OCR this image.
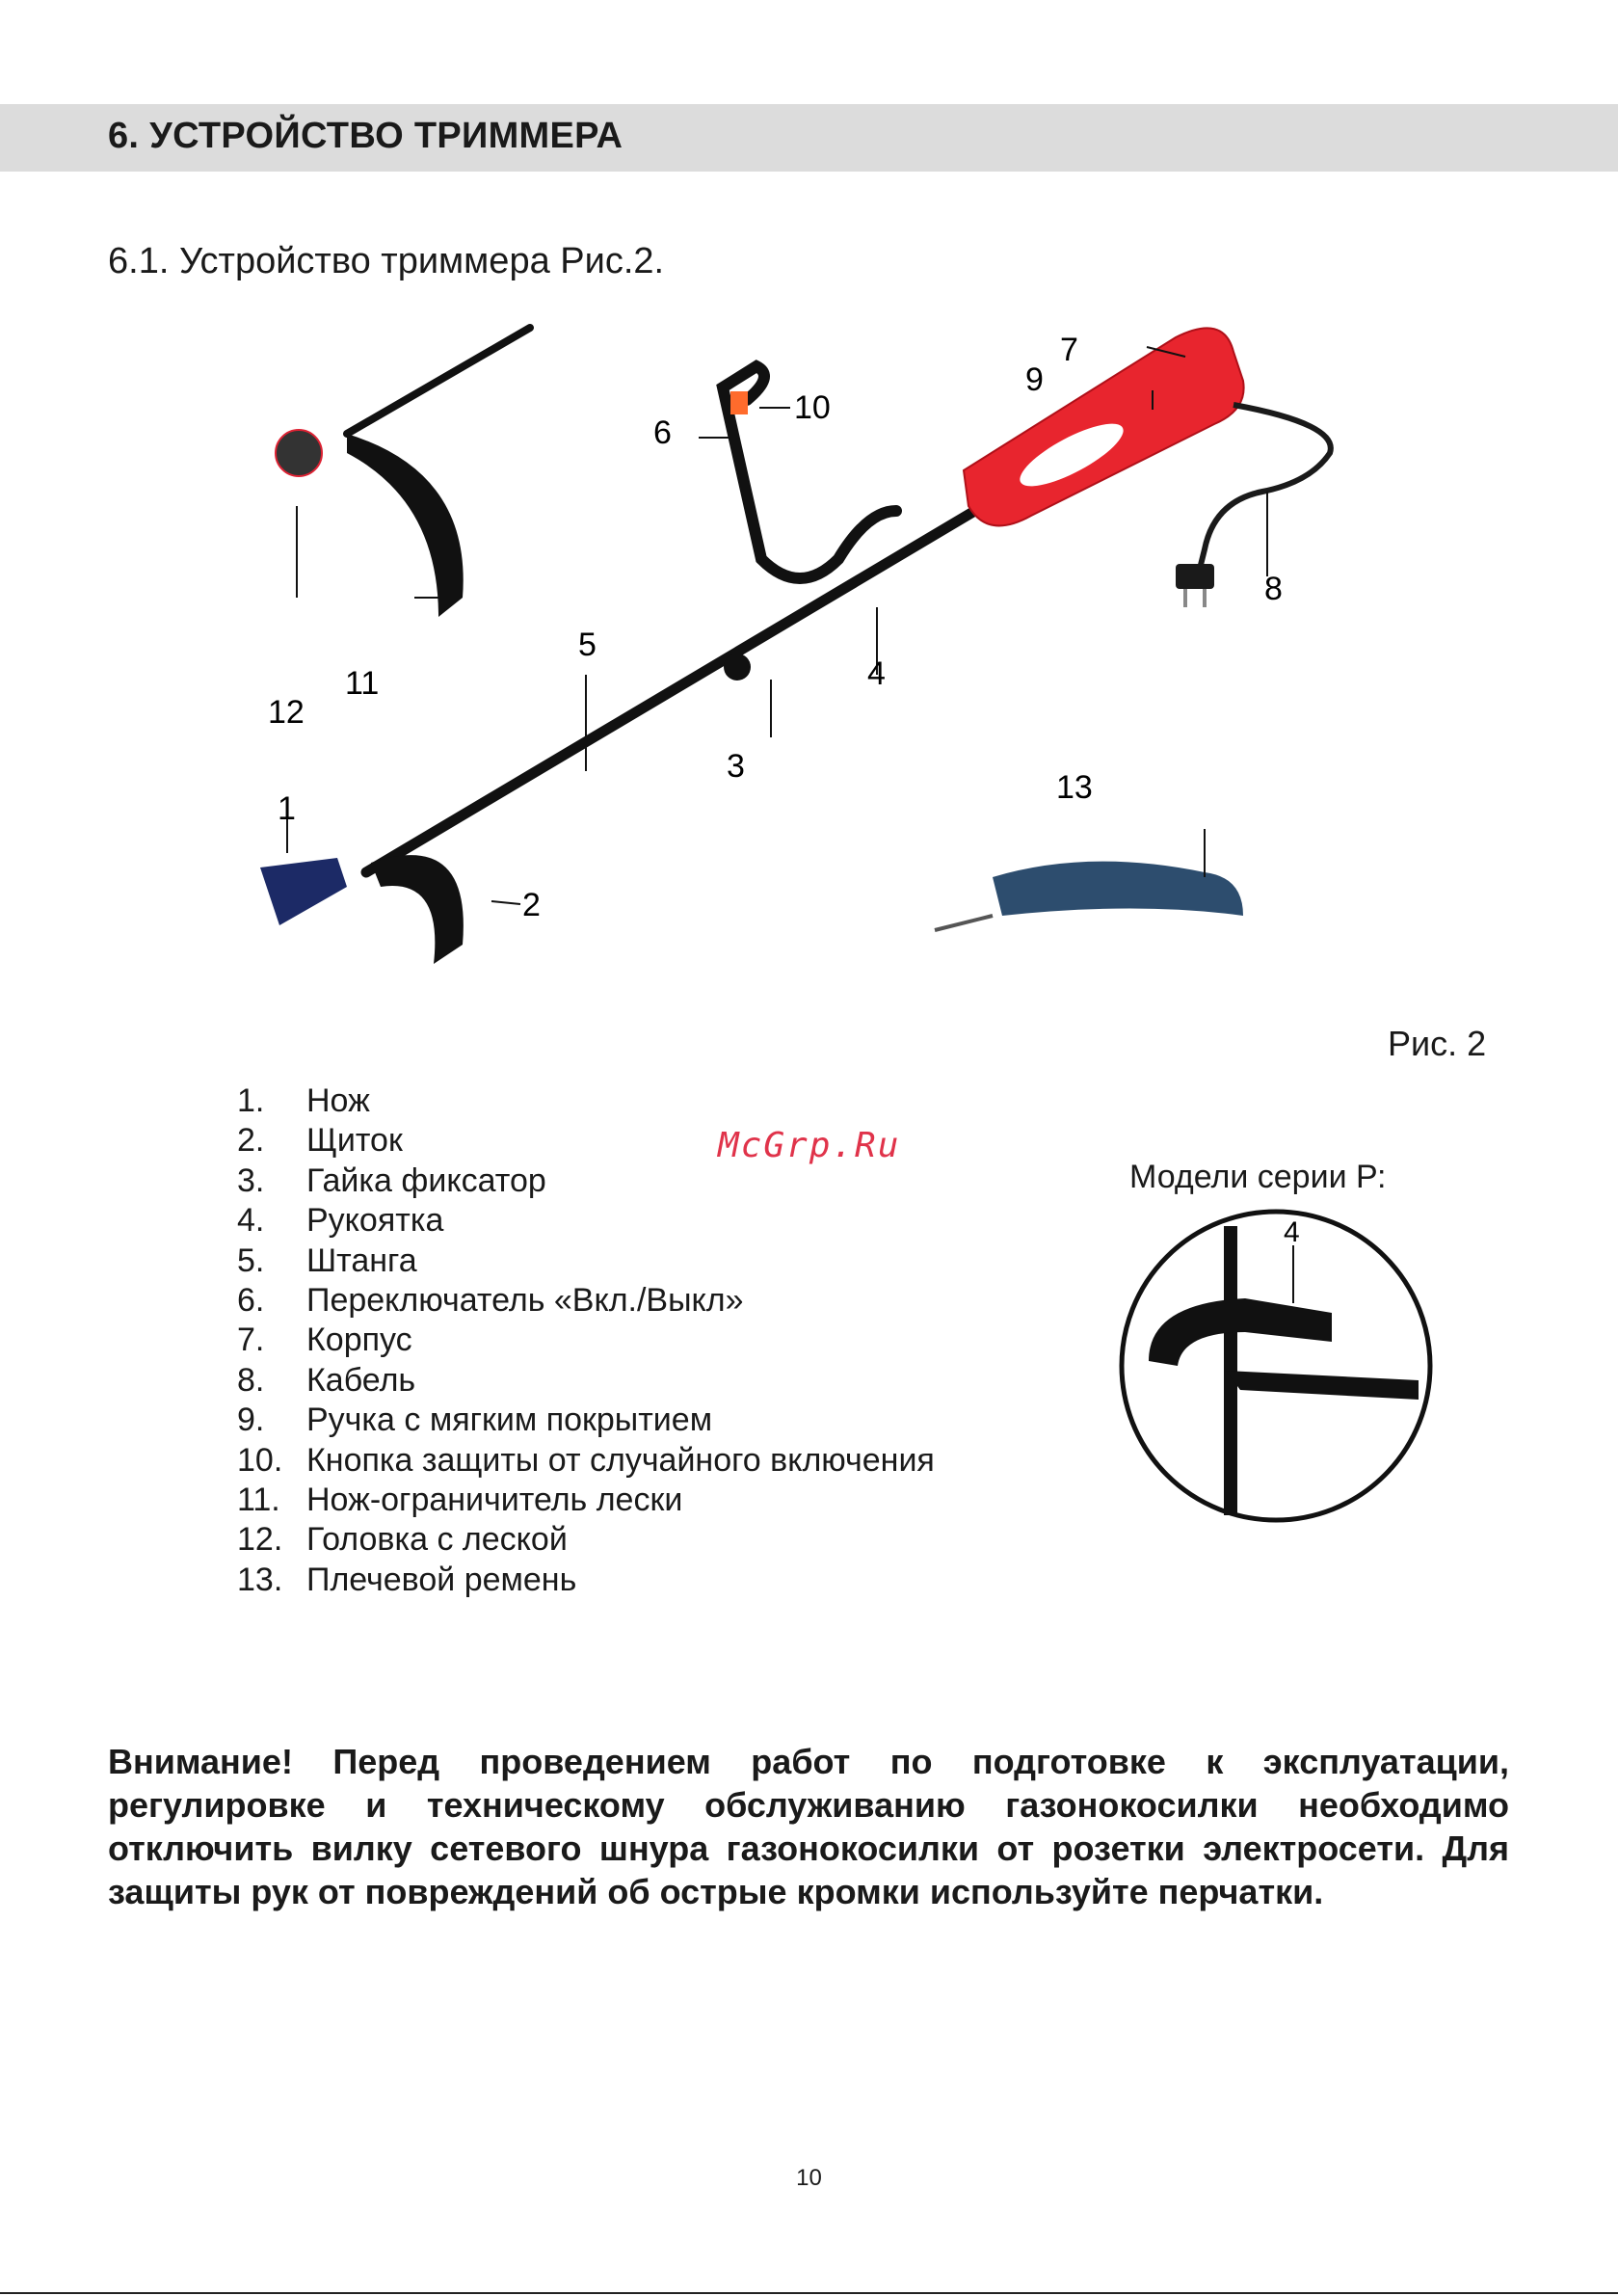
6. УСТРОЙСТВО ТРИММЕРА
6.1. Устройство триммера Рис.2.
1
2
3
4
5
6
7
8
9
10
11
12
13
Рис. 2
1. Нож
2. Щиток
3. Гайка фиксатор
4. Рукоятка
5. Штанга
6. Переключатель «Вкл./Выкл»
7. Корпус
8. Кабель
9. Ручка с мягким покрытием
10. Кнопка защиты от случайного включения
11. Нож-ограничитель лески
12. Головка с леской
13. Плечевой ремень
McGrp.Ru
Модели серии Р:
4

Внимание! Перед проведением работ по подготовке к эксплуатации, регулировке и техническому обслуживанию газонокосилки необходимо отключить вилку сетевого шнура газонокосилки от розетки электросети. Для защиты рук от повреждений об острые кромки используйте перчатки.

10
